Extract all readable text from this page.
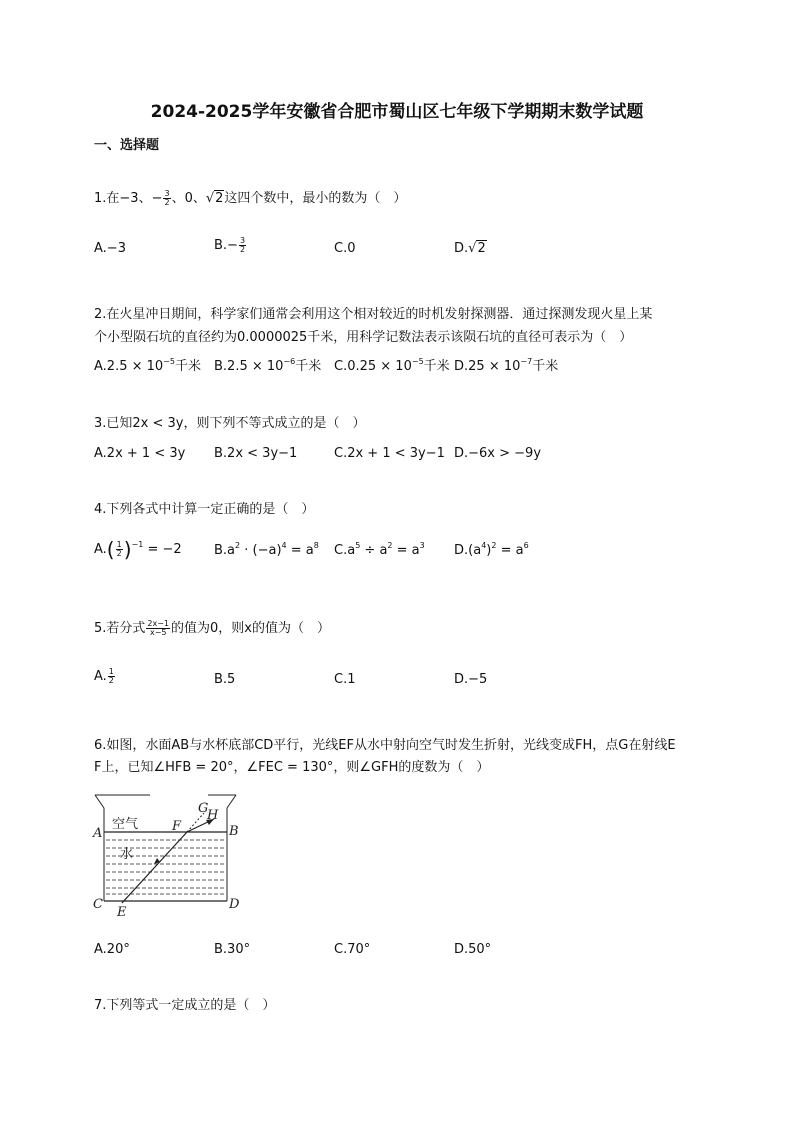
2024-2025学年安徽省合肥市蜀山区七年级下学期期末数学试题
一、选择题
1.在−3、− $\frac{3}{2}$ 、0、√2这四个数中，最小的数为（　）
A.−3	$B.- \frac{3}{2}$	C.0	D.√2
2.在火星冲日期间，科学家们通常会利用这个相对较近的时机发射探测器．通过探测发现火星上某
个小型陨石坑的直径约为0.0000025千米，用科学记数法表示该陨石坑的直径可表示为（　）
$A.2.5 \times 10^{-5}$千米 $B.2.5 \times 10^{-6}$千米 $C.0.25 \times 10^{-5}$千米 $D.25 \times 10^{-7}$千米
3.已知2x < 3y，则下列不等式成立的是（　）
A.2x + 1 < 3y B.2x < 3y−1	C.2x + 1 < 3y−1 D.−6x > −9y
4.下列各式中计算一定正确的是（　）
$A.( \frac{1}{2} )^{-1} = -2$ $B.a^2 \cdot (-a)^4 = a^8$ $C.a^5 \div a^2 = a^3$ $D.(a^4)^2 = a^6$
5.若分式 $\frac{2x-1}{x-5}$ 的值为0，则x的值为（　）
A. $\frac{1}{2}$	B.5	C.1	D.−5
6.如图，水面AB与水杯底部CD平行，光线EF从水中射向空气时发生折射，光线变成FH，点G在射线E
F上，已知∠HFB = 20°，∠FEC = 130°，则∠GFH的度数为（　）
空气
水
A	B
C	D
E
F
G
H
A.20°	B.30°	C.70°	D.50°
7.下列等式一定成立的是（　）
